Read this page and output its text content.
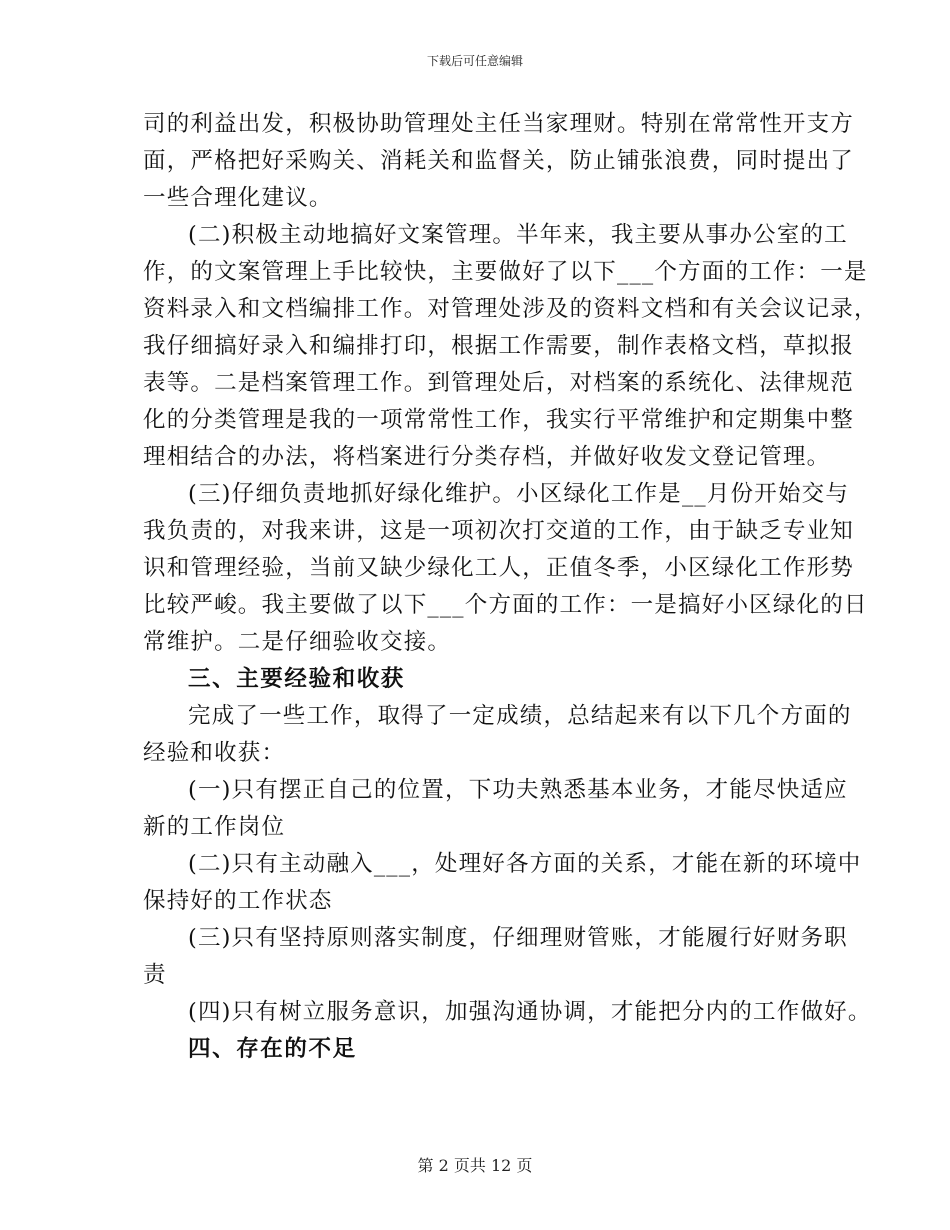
下载后可任意编辑
司的利益出发，积极协助管理处主任当家理财。特别在常常性开支方
面，严格把好采购关、消耗关和监督关，防止铺张浪费，同时提出了
一些合理化建议。
(二)积极主动地搞好文案管理。半年来，我主要从事办公室的工
作，的文案管理上手比较快，主要做好了以下___个方面的工作：一是
资料录入和文档编排工作。对管理处涉及的资料文档和有关会议记录，
我仔细搞好录入和编排打印，根据工作需要，制作表格文档，草拟报
表等。二是档案管理工作。到管理处后，对档案的系统化、法律规范
化的分类管理是我的一项常常性工作，我实行平常维护和定期集中整
理相结合的办法，将档案进行分类存档，并做好收发文登记管理。
(三)仔细负责地抓好绿化维护。小区绿化工作是__月份开始交与
我负责的，对我来讲，这是一项初次打交道的工作，由于缺乏专业知
识和管理经验，当前又缺少绿化工人，正值冬季，小区绿化工作形势
比较严峻。我主要做了以下___个方面的工作：一是搞好小区绿化的日
常维护。二是仔细验收交接。
三、主要经验和收获
完成了一些工作，取得了一定成绩，总结起来有以下几个方面的
经验和收获：
(一)只有摆正自己的位置，下功夫熟悉基本业务，才能尽快适应
新的工作岗位
(二)只有主动融入___，处理好各方面的关系，才能在新的环境中
保持好的工作状态
(三)只有坚持原则落实制度，仔细理财管账，才能履行好财务职
责
(四)只有树立服务意识，加强沟通协调，才能把分内的工作做好。
四、存在的不足
第 2 页共 12 页
